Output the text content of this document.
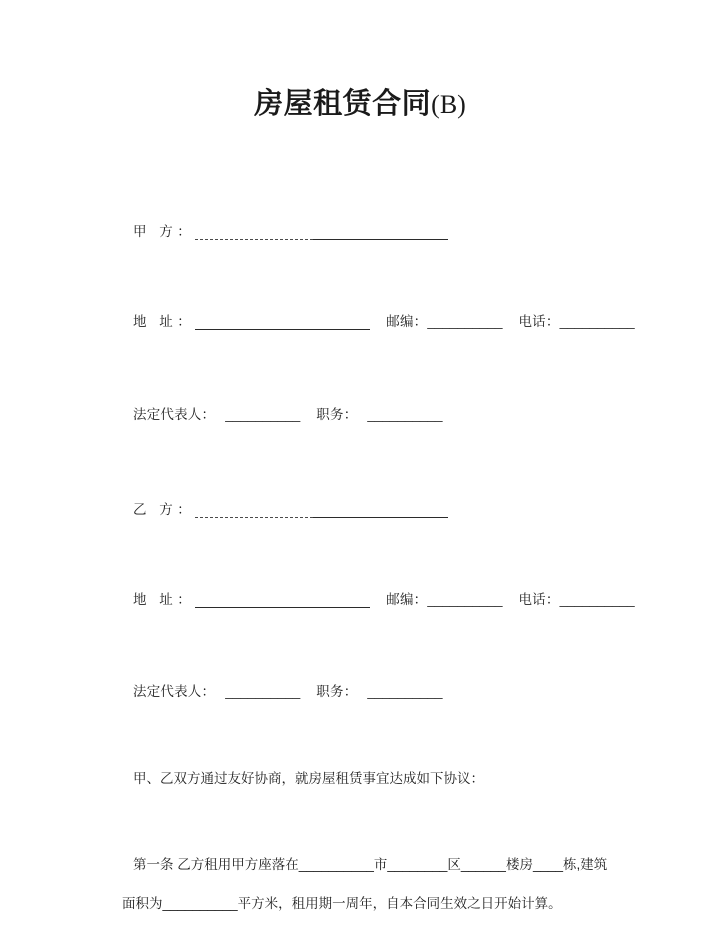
房屋租赁合同(B)
甲 方：
地 址：	邮编：__________ 电话：__________
法定代表人： __________ 职务： __________
乙 方：
地 址：	邮编：__________ 电话：__________
法定代表人： __________ 职务： __________
甲、乙双方通过友好协商，就房屋租赁事宜达成如下协议：
第一条 乙方租用甲方座落在__________市________区______楼房____栋,建筑
面积为__________平方米，租用期一周年，自本合同生效之日开始计算。
